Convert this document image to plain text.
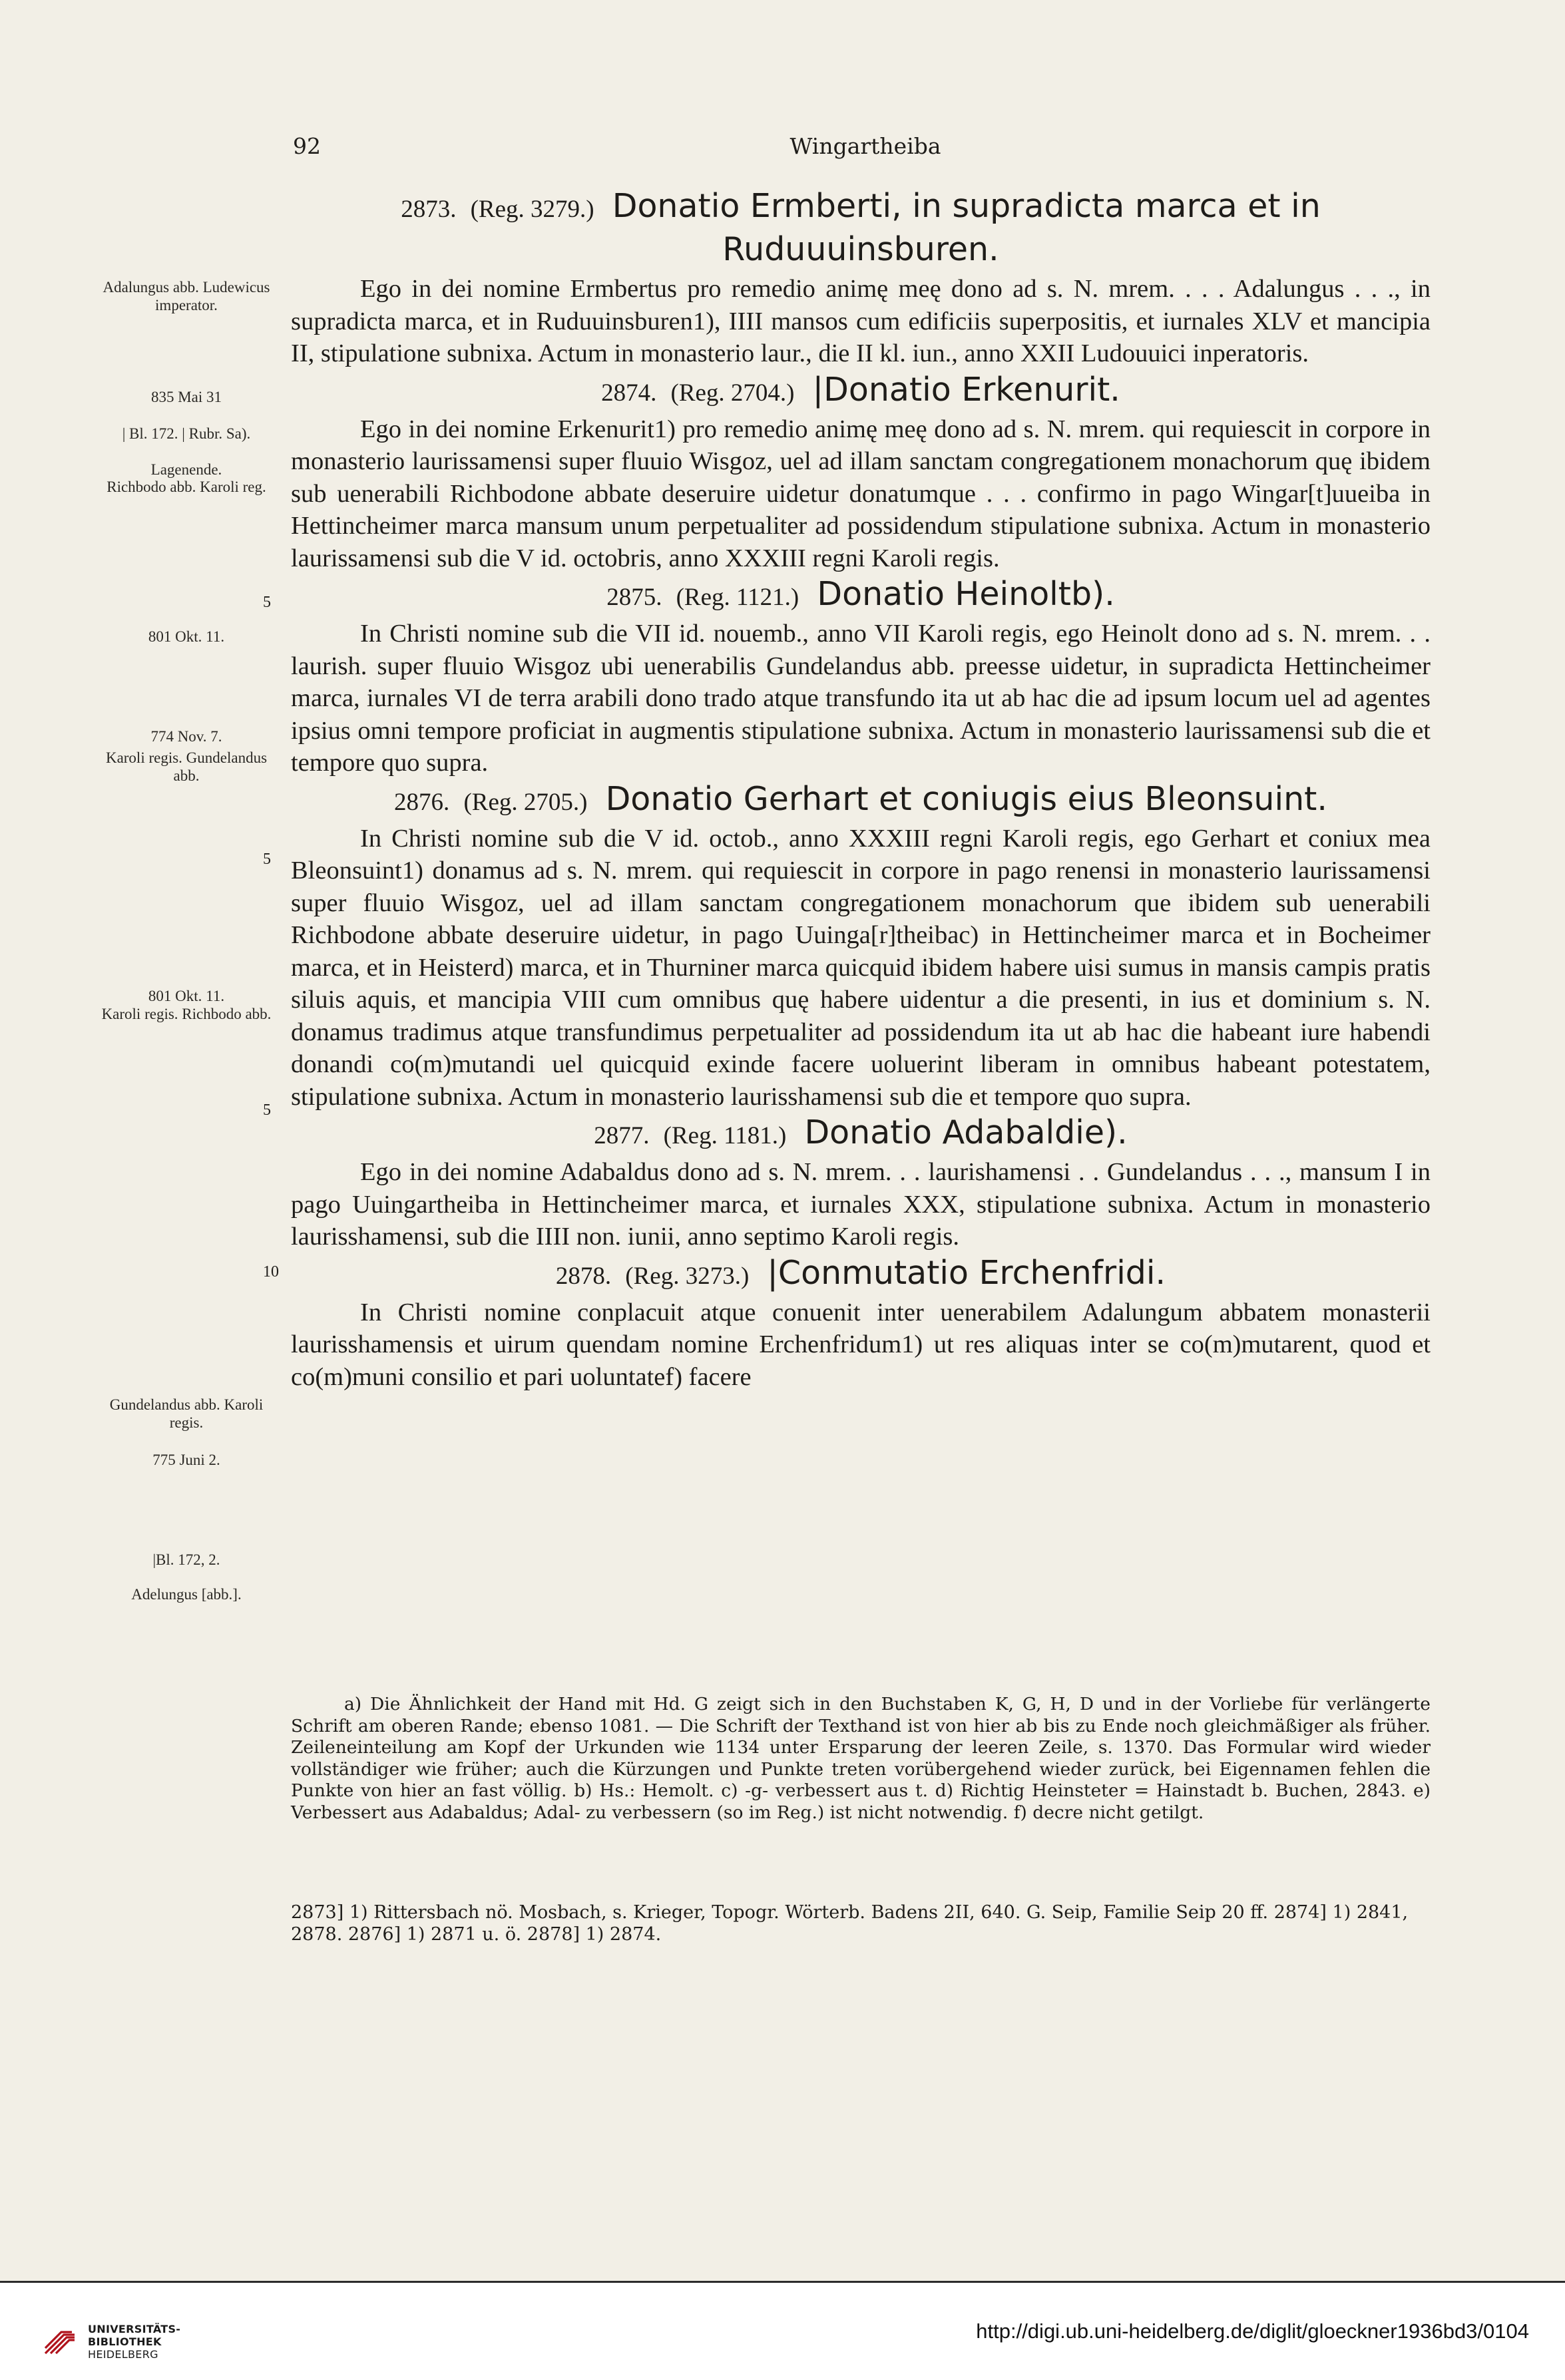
92	Wingartheiba
Adalungus abb. Ludewicus imperator.
835 Mai 31
| Bl. 172. | Rubr. Sa).
Lagenende.
Richbodo abb. Karoli reg.
801 Okt. 11.
774 Nov. 7.
Karoli regis. Gundelandus abb.
801 Okt. 11.
Karoli regis. Richbodo abb.
Gundelandus abb. Karoli regis.
775 Juni 2.
|Bl. 172, 2.
Adelungus [abb.].
5
5
5
10
2873. (Reg. 3279.) Donatio Ermberti, in supradicta marca et in Ruduuuinsburen.

Ego in dei nomine Ermbertus pro remedio animę meę dono ad s. N. mrem. . . . Adalungus . . ., in supradicta marca, et in Ruduuinsburen1), IIII mansos cum edificiis superpositis, et iurnales XLV et mancipia II, stipulatione subnixa. Actum in monasterio laur., die II kl. iun., anno XXII Ludouuici inperatoris.

2874. (Reg. 2704.) |Donatio Erkenurit.

Ego in dei nomine Erkenurit1) pro remedio animę meę dono ad s. N. mrem. qui requiescit in corpore in monasterio laurissamensi super fluuio Wisgoz, uel ad illam sanctam congregationem monachorum quę ibidem sub uenerabili Richbodone abbate deseruire uidetur donatumque . . . confirmo in pago Wingar[t]uueiba in Hettincheimer marca mansum unum perpetualiter ad possidendum stipulatione subnixa. Actum in monasterio laurissamensi sub die V id. octobris, anno XXXIII regni Karoli regis.

2875. (Reg. 1121.) Donatio Heinoltb).

In Christi nomine sub die VII id. nouemb., anno VII Karoli regis, ego Heinolt dono ad s. N. mrem. . . laurish. super fluuio Wisgoz ubi uenerabilis Gundelandus abb. preesse uidetur, in supradicta Hettincheimer marca, iurnales VI de terra arabili dono trado atque transfundo ita ut ab hac die ad ipsum locum uel ad agentes ipsius omni tempore proficiat in augmentis stipulatione subnixa. Actum in monasterio laurissamensi sub die et tempore quo supra.

2876. (Reg. 2705.) Donatio Gerhart et coniugis eius Bleonsuint.

In Christi nomine sub die V id. octob., anno XXXIII regni Karoli regis, ego Gerhart et coniux mea Bleonsuint1) donamus ad s. N. mrem. qui requiescit in corpore in pago renensi in monasterio laurissamensi super fluuio Wisgoz, uel ad illam sanctam congregationem monachorum que ibidem sub uenerabili Richbodone abbate deseruire uidetur, in pago Uuinga[r]theibac) in Hettincheimer marca et in Bocheimer marca, et in Heisterd) marca, et in Thurniner marca quicquid ibidem habere uisi sumus in mansis campis pratis siluis aquis, et mancipia VIII cum omnibus quę habere uidentur a die presenti, in ius et dominium s. N. donamus tradimus atque transfundimus perpetualiter ad possidendum ita ut ab hac die habeant iure habendi donandi co(m)mutandi uel quicquid exinde facere uoluerint liberam in omnibus habeant potestatem, stipulatione subnixa. Actum in monasterio laurisshamensi sub die et tempore quo supra.

2877. (Reg. 1181.) Donatio Adabaldie).

Ego in dei nomine Adabaldus dono ad s. N. mrem. . . laurishamensi . . Gundelandus . . ., mansum I in pago Uuingartheiba in Hettincheimer marca, et iurnales XXX, stipulatione subnixa. Actum in monasterio laurisshamensi, sub die IIII non. iunii, anno septimo Karoli regis.

2878. (Reg. 3273.) |Conmutatio Erchenfridi.

In Christi nomine conplacuit atque conuenit inter uenerabilem Adalungum abbatem monasterii laurisshamensis et uirum quendam nomine Erchenfridum1) ut res aliquas inter se co(m)mutarent, quod et co(m)muni consilio et pari uoluntatef) facere

a) Die Ähnlichkeit der Hand mit Hd. G zeigt sich in den Buchstaben K, G, H, D und in der Vorliebe für verlängerte Schrift am oberen Rande; ebenso 1081. — Die Schrift der Texthand ist von hier ab bis zu Ende noch gleichmäßiger als früher. Zeileneinteilung am Kopf der Urkunden wie 1134 unter Ersparung der leeren Zeile, s. 1370. Das Formular wird wieder vollständiger wie früher; auch die Kürzungen und Punkte treten vorübergehend wieder zurück, bei Eigennamen fehlen die Punkte von hier an fast völlig. b) Hs.: Hemolt. c) -g- verbessert aus t. d) Richtig Heinsteter = Hainstadt b. Buchen, 2843. e) Verbessert aus Adabaldus; Adal- zu verbessern (so im Reg.) ist nicht notwendig. f) decre nicht getilgt.

2873] 1) Rittersbach nö. Mosbach, s. Krieger, Topogr. Wörterb. Badens 2II, 640. G. Seip, Familie Seip 20 ff. 2874] 1) 2841, 2878. 2876] 1) 2871 u. ö. 2878] 1) 2874.

UNIVERSITÄTS-
BIBLIOTHEK
HEIDELBERG
http://digi.ub.uni-heidelberg.de/diglit/gloeckner1936bd3/0104
